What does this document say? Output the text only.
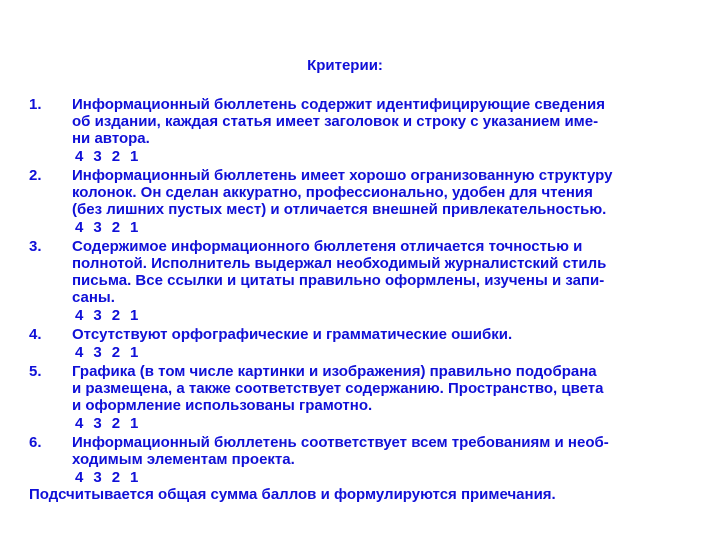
Критерии:
1. Информационный бюллетень содержит идентифицирующие сведения
об издании, каждая статья имеет заголовок и строку с указанием име-
ни автора.
4 3 2 1
2. Информационный бюллетень имеет хорошо огранизованную структуру
колонок. Он сделан аккуратно, профессионально, удобен для чтения
(без лишних пустых мест) и отличается внешней привлекательностью.
4 3 2 1
3. Содержимое информационного бюллетеня отличается точностью и
полнотой. Исполнитель выдержал необходимый журналистский стиль
письма. Все ссылки и цитаты правильно оформлены, изучены и запи-
саны.
4 3 2 1
4. Отсутствуют орфографические и грамматические ошибки.
4 3 2 1
5. Графика (в том числе картинки и изображения) правильно подобрана
и размещена, а также соответствует содержанию. Пространство, цвета
и оформление использованы грамотно.
4 3 2 1
6. Информационный бюллетень соответствует всем требованиям и необ-
ходимым элементам проекта.
4 3 2 1
Подсчитывается общая сумма баллов и формулируются примечания.
